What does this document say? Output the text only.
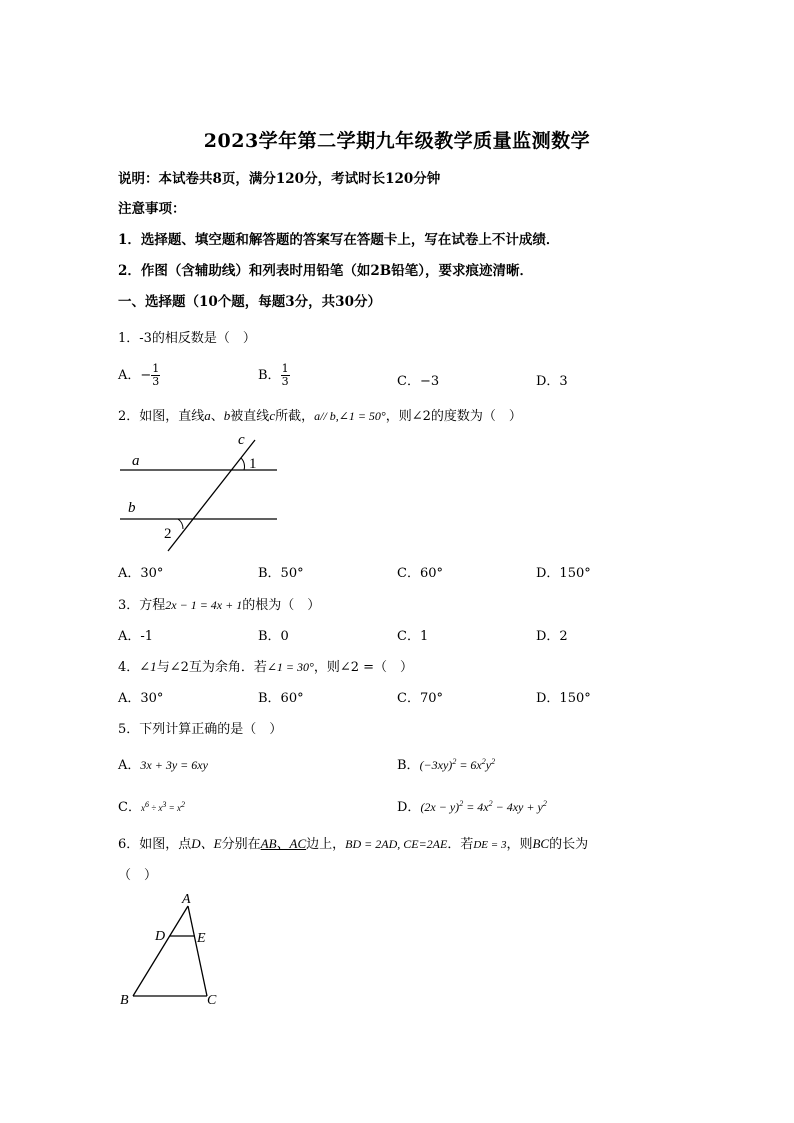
2023学年第二学期九年级教学质量监测数学
说明：本试卷共8页，满分120分，考试时长120分钟
注意事项：
1．选择题、填空题和解答题的答案写在答题卡上，写在试卷上不计成绩．
2．作图（含辅助线）和列表时用铅笔（如2B铅笔），要求痕迹清晰．
一、选择题（10个题，每题3分，共30分）
1．-3的相反数是（　）
A．− $\frac{1}{3}$	B． $\frac{1}{3}$	C．−3	D．3
2．如图，直线a、b被直线c所截，a// b,∠1 = 50°，则∠2的度数为（　）
a
b
c
1
2
A．30°	B．50°	C．60°	D．150°
3．方程2x − 1 = 4x + 1的根为（　）
A．-1	B．0	C．1	D．2
4．∠1与∠2互为余角．若∠1 = 30°，则∠2 =（　）
A．30°	B．60°	C．70°	D．150°
5．下列计算正确的是（　）
A．3x + 3y = 6xy	B．$(-3xy)^2 = 6x^2y^2$
C．$x^6 \div x^3 = x^2$	D．$(2x - y)^2 = 4x^2 - 4xy + y^2$
6．如图，点D、E分别在AB、AC边上，BD = 2AD, CE=2AE．若DE = 3，则BC的长为
（　）
A
D E
B	C
